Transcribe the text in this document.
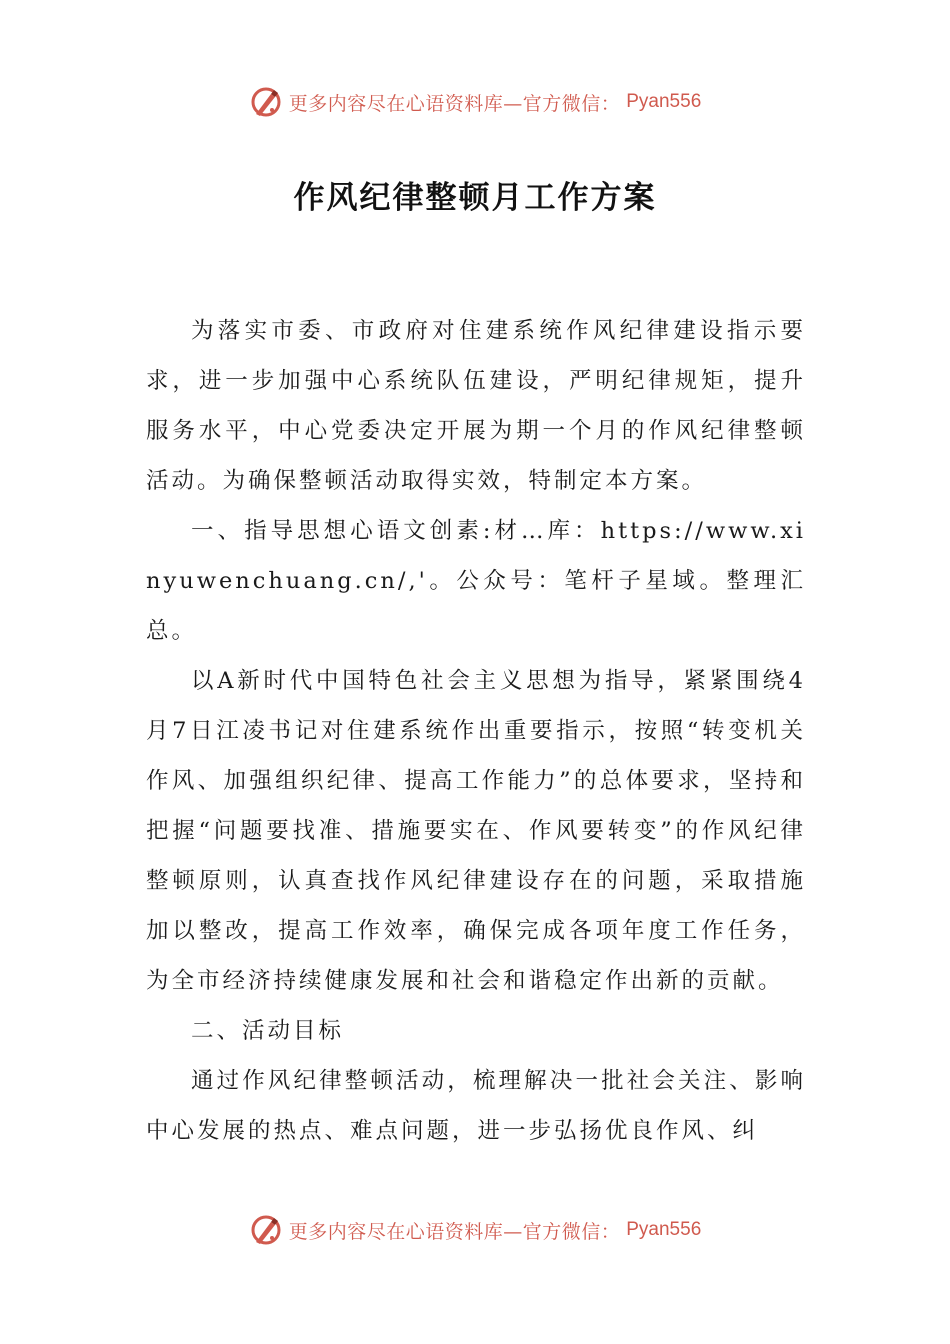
更多内容尽在心语资料库—官方微信： Pyan556
作风纪律整顿月工作方案

为落实市委、市政府对住建系统作风纪律建设指示要求，进一步加强中心系统队伍建设，严明纪律规矩，提升服务水平，中心党委决定开展为期一个月的作风纪律整顿活动。为确保整顿活动取得实效，特制定本方案。

一、指导思想心语文创素:材…库：https://www.xinyuwenchuang.cn/,'。公众号：笔杆子星域。整理汇总。

以A新时代中国特色社会主义思想为指导，紧紧围绕4月7日江凌书记对住建系统作出重要指示，按照“转变机关作风、加强组织纪律、提高工作能力”的总体要求，坚持和把握“问题要找准、措施要实在、作风要转变”的作风纪律整顿原则，认真查找作风纪律建设存在的问题，采取措施加以整改，提高工作效率，确保完成各项年度工作任务，为全市经济持续健康发展和社会和谐稳定作出新的贡献。

二、活动目标

通过作风纪律整顿活动，梳理解决一批社会关注、影响中心发展的热点、难点问题，进一步弘扬优良作风、纠

更多内容尽在心语资料库—官方微信： Pyan556
